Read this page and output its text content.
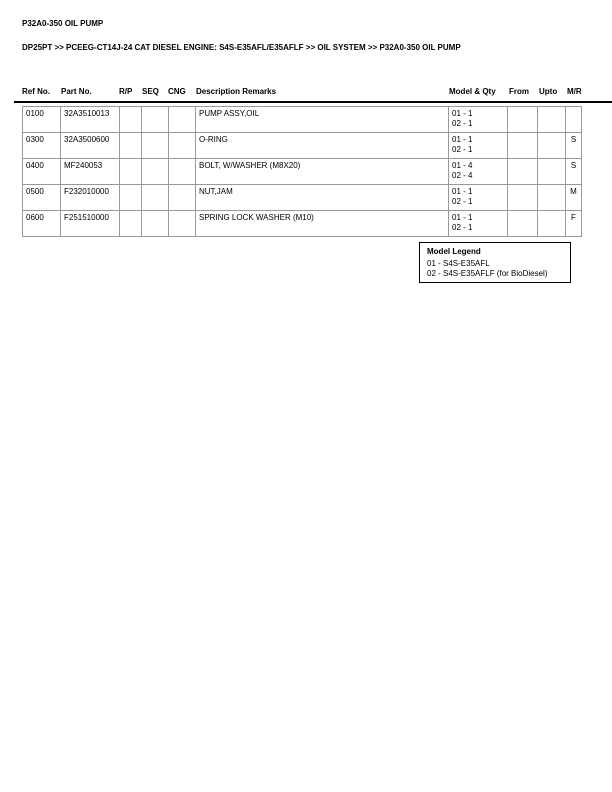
P32A0-350 OIL PUMP
DP25PT >> PCEEG-CT14J-24 CAT DIESEL ENGINE: S4S-E35AFL/E35AFLF >> OIL SYSTEM >> P32A0-350 OIL PUMP
Ref No. Part No.	R/P SEQ CNG Description Remarks	Model & Qty From Upto M/R
0100	32A3510013				PUMP ASSY,OIL	01 - 1
02 - 1			

0300	32A3500600				O-RING	01 - 1
02 - 1			S
0400	MF240053				BOLT, W/WASHER (M8X20)	01 - 4
02 - 4			S
0500	F232010000				NUT,JAM	01 - 1
02 - 1			M
0600	F251510000				SPRING LOCK WASHER (M10)	01 - 1
02 - 1			F
Model Legend
01 - S4S-E35AFL
02 - S4S-E35AFLF (for BioDiesel)
